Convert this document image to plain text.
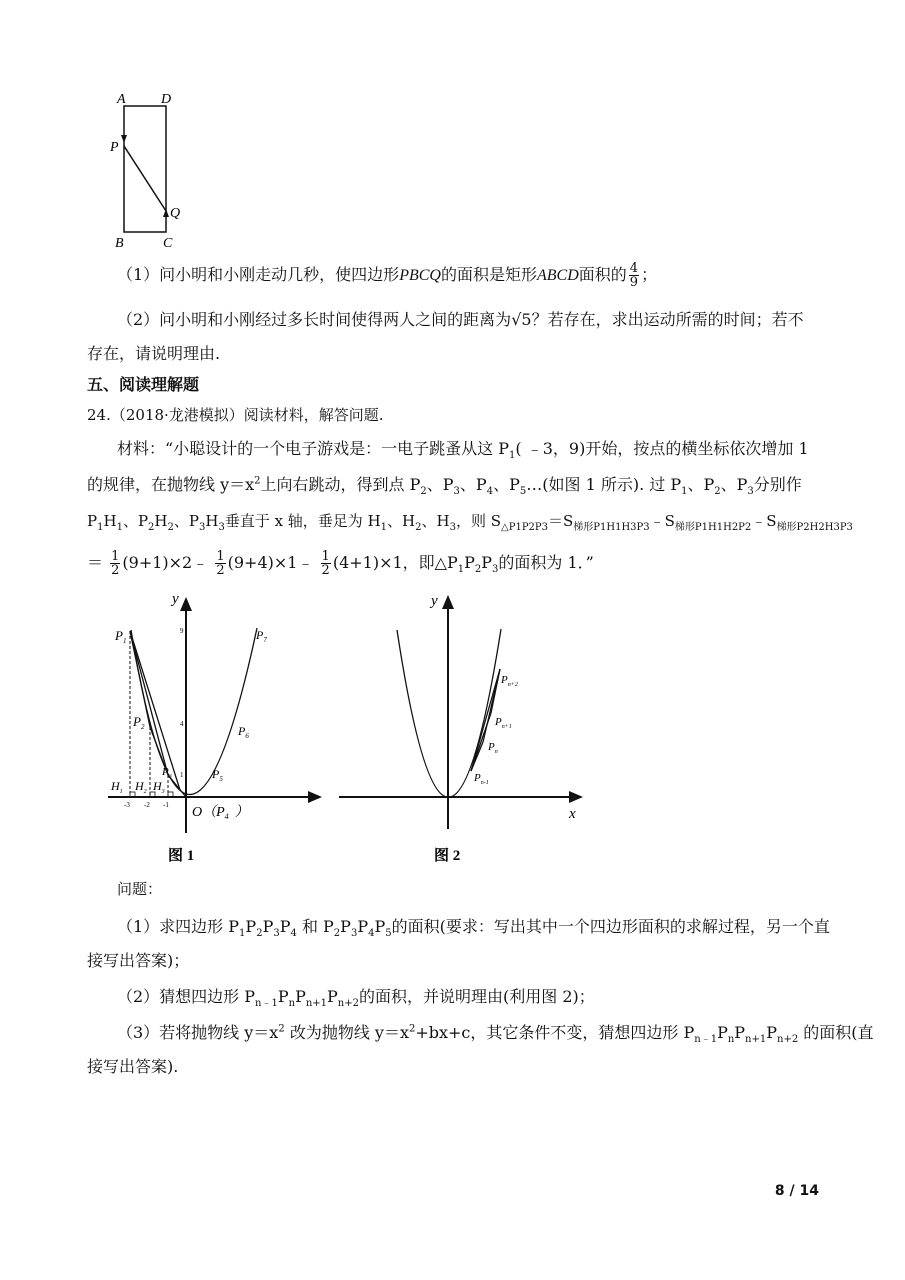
A	D
P
Q
B	C
（1）问小明和小刚走动几秒，使四边形PBCQ的面积是矩形ABCD面积的 $\frac{4}{9}$ ；
（2）问小明和小刚经过多长时间使得两人之间的距离为√5？若存在，求出运动所需的时间；若不
存在，请说明理由.
五、阅读理解题
24.（2018·龙港模拟）阅读材料，解答问题.
材料：“小聪设计的一个电子游戏是：一电子跳蚤从这 $P_1$( ﹣3，9)开始，按点的横坐标依次增加 1
的规律，在抛物线 $y=x^2$上向右跳动，得到点 $P_2$、$P_3$、$P_4$、$P_5\dots$(如图 1 所示). 过 $P_1$、$P_2$、$P_3$分别作
$P_1H_1$、$P_2H_2$、$P_3H_3$垂直于 x 轴，垂足为 $H_1$、$H_2$、$H_3$，则 $S_{\triangle P1P2P3}=S_{梯形P1H1H3P3}﹣S_{梯形P1H1H2P2}﹣S_{梯形P2H2H3P3}$
＝ $\frac{1}{2}$ (9+1)×2﹣ $\frac{1}{2}$ (9+4)×1﹣ $\frac{1}{2} (4+1)\times 1$，即$\triangle P_1P_2P_3$的面积为 1．”
y
9
4
1
-3 -2 -1
$P_1$
$P_2$
$P_3$	$P_5$
$P_6$
$P_7$
$H_1$ $H_2$ $H_3$
$O(P_4$ ）
图 1
y
x
$P_{n+2}$
$P_{n+1}$
$P_n$
$P_{n-1}$
图 2
问题：
（1）求四边形 $P_1P_2P_3P_4$ 和 $P_2P_3P_4P_5$的面积(要求：写出其中一个四边形面积的求解过程，另一个直
接写出答案)；
（2）猜想四边形 $P_{n﹣1}P_nP_{n+1}P_{n+2}$的面积，并说明理由(利用图 2)；
（3）若将抛物线 $y=x^2$ 改为抛物线 $y=x^2+bx+c$，其它条件不变，猜想四边形 $P_{n﹣1}P_nP_{n+1}P_{n+2}$ 的面积(直
接写出答案).
8 / 14
